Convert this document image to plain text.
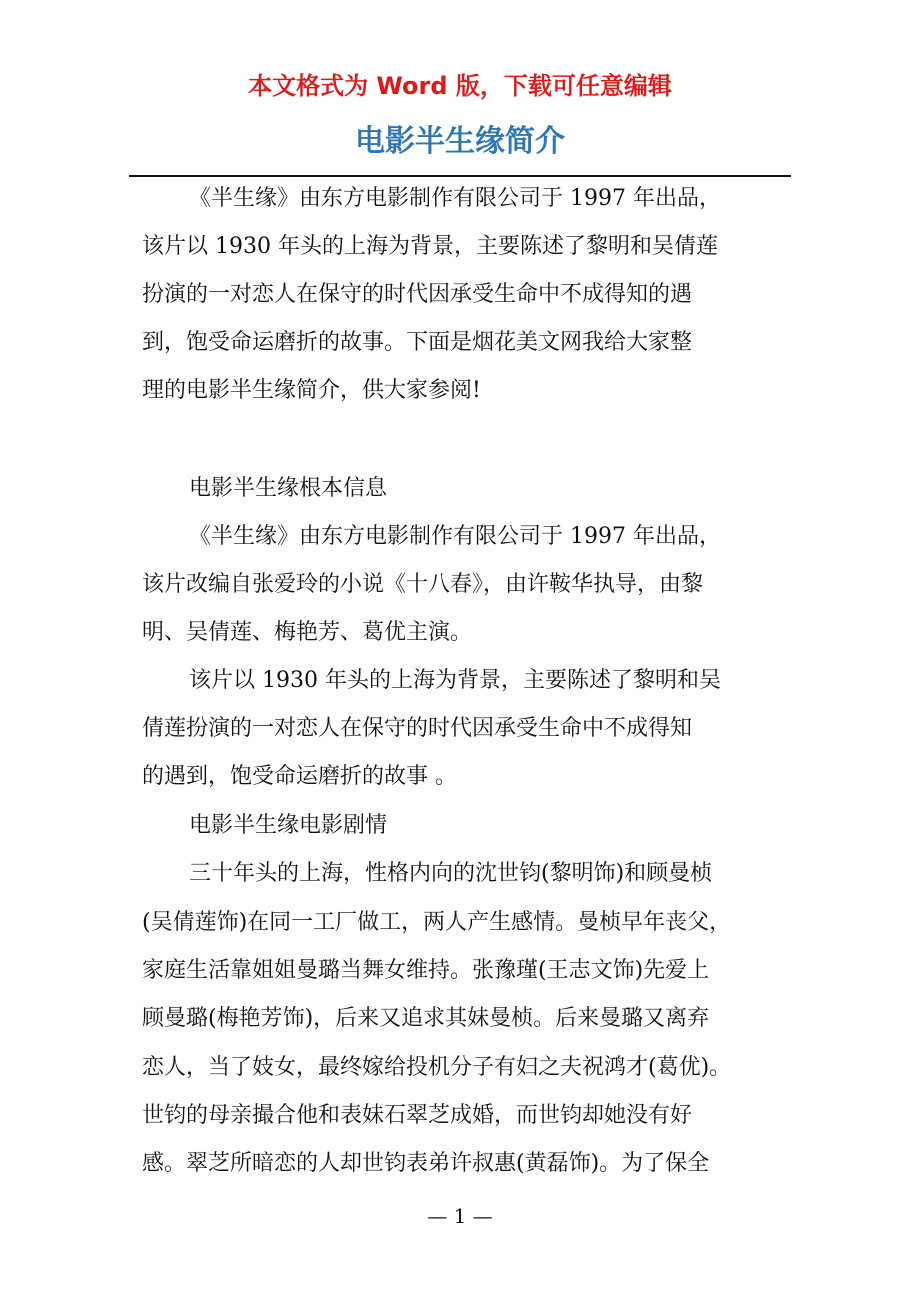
本文格式为 Word 版，下载可任意编辑
电影半生缘简介
《半生缘》由东方电影制作有限公司于 1997 年出品，
该片以 1930 年头的上海为背景，主要陈述了黎明和吴倩莲
扮演的一对恋人在保守的时代因承受生命中不成得知的遇
到，饱受命运磨折的故事。下面是烟花美文网我给大家整
理的电影半生缘简介，供大家参阅!
电影半生缘根本信息
《半生缘》由东方电影制作有限公司于 1997 年出品，
该片改编自张爱玲的小说《十八春》，由许鞍华执导，由黎
明、吴倩莲、梅艳芳、葛优主演。
该片以 1930 年头的上海为背景，主要陈述了黎明和吴
倩莲扮演的一对恋人在保守的时代因承受生命中不成得知
的遇到，饱受命运磨折的故事 。
电影半生缘电影剧情
三十年头的上海，性格内向的沈世钧(黎明饰)和顾曼桢
(吴倩莲饰)在同一工厂做工，两人产生感情。曼桢早年丧父，
家庭生活靠姐姐曼璐当舞女维持。张豫瑾(王志文饰)先爱上
顾曼璐(梅艳芳饰)，后来又追求其妹曼桢。后来曼璐又离弃
恋人，当了妓女，最终嫁给投机分子有妇之夫祝鸿才(葛优)。
世钧的母亲撮合他和表妹石翠芝成婚，而世钧却她没有好
感。翠芝所暗恋的人却世钧表弟许叔惠(黄磊饰)。为了保全
— 1 —
